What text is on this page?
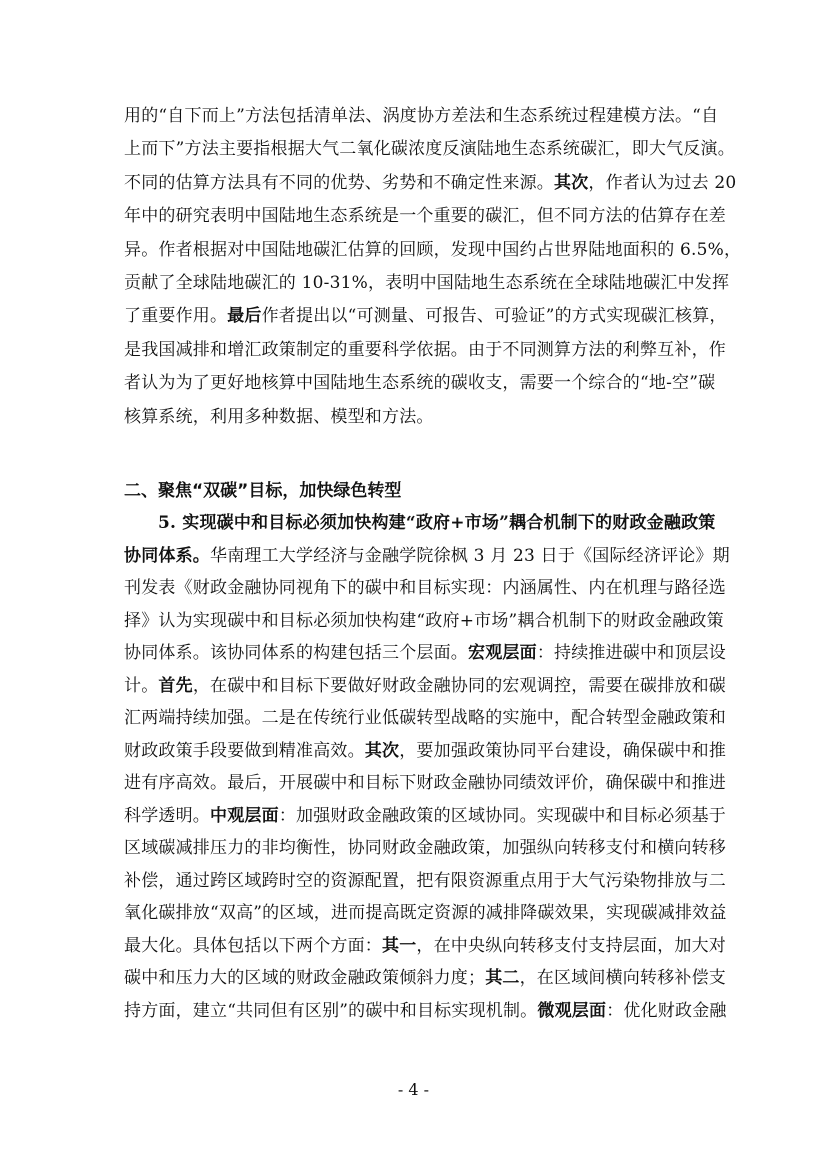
用的“自下而上”方法包括清单法、涡度协方差法和生态系统过程建模方法。“自
上而下”方法主要指根据大气二氧化碳浓度反演陆地生态系统碳汇，即大气反演。
不同的估算方法具有不同的优势、劣势和不确定性来源。其次，作者认为过去 20
年中的研究表明中国陆地生态系统是一个重要的碳汇，但不同方法的估算存在差
异。作者根据对中国陆地碳汇估算的回顾，发现中国约占世界陆地面积的 6.5%，
贡献了全球陆地碳汇的 10-31%，表明中国陆地生态系统在全球陆地碳汇中发挥
了重要作用。最后作者提出以“可测量、可报告、可验证”的方式实现碳汇核算，
是我国减排和增汇政策制定的重要科学依据。由于不同测算方法的利弊互补，作
者认为为了更好地核算中国陆地生态系统的碳收支，需要一个综合的“地-空”碳
核算系统，利用多种数据、模型和方法。
二、聚焦“双碳”目标，加快绿色转型
5. 实现碳中和目标必须加快构建“政府+市场”耦合机制下的财政金融政策
协同体系。华南理工大学经济与金融学院徐枫 3 月 23 日于《国际经济评论》期
刊发表《财政金融协同视角下的碳中和目标实现：内涵属性、内在机理与路径选
择》认为实现碳中和目标必须加快构建“政府+市场”耦合机制下的财政金融政策
协同体系。该协同体系的构建包括三个层面。宏观层面：持续推进碳中和顶层设
计。首先，在碳中和目标下要做好财政金融协同的宏观调控，需要在碳排放和碳
汇两端持续加强。二是在传统行业低碳转型战略的实施中，配合转型金融政策和
财政政策手段要做到精准高效。其次，要加强政策协同平台建设，确保碳中和推
进有序高效。最后，开展碳中和目标下财政金融协同绩效评价，确保碳中和推进
科学透明。中观层面：加强财政金融政策的区域协同。实现碳中和目标必须基于
区域碳减排压力的非均衡性，协同财政金融政策，加强纵向转移支付和横向转移
补偿，通过跨区域跨时空的资源配置，把有限资源重点用于大气污染物排放与二
氧化碳排放“双高”的区域，进而提高既定资源的减排降碳效果，实现碳减排效益
最大化。具体包括以下两个方面：其一，在中央纵向转移支付支持层面，加大对
碳中和压力大的区域的财政金融政策倾斜力度；其二，在区域间横向转移补偿支
持方面，建立“共同但有区别”的碳中和目标实现机制。微观层面：优化财政金融
- 4 -
